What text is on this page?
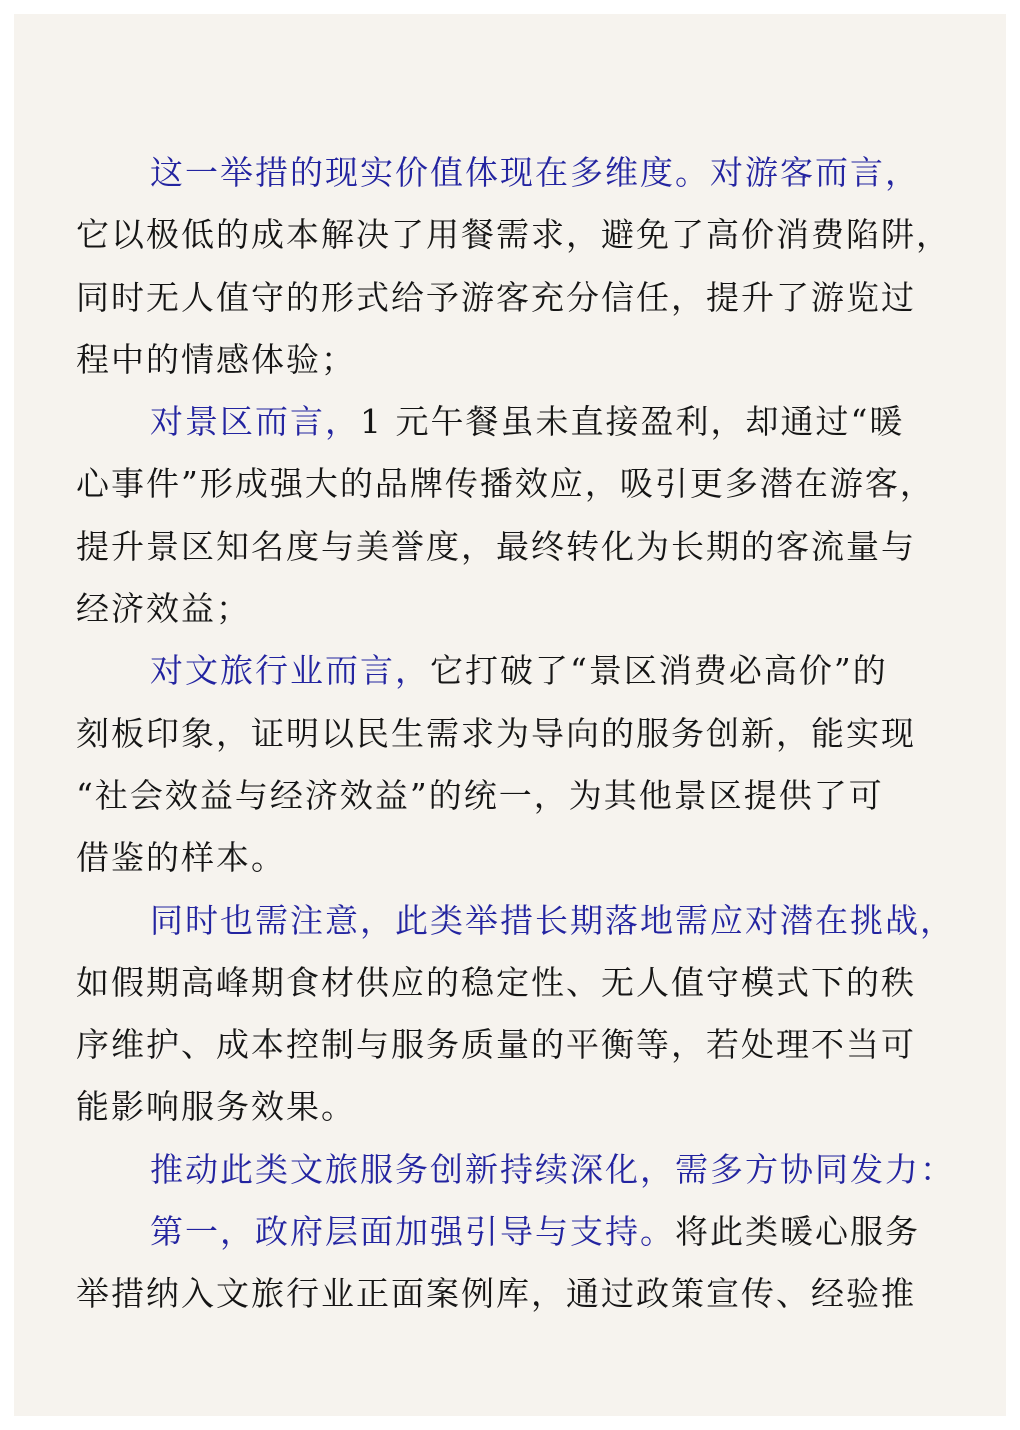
这一举措的现实价值体现在多维度。对游客而言，
它以极低的成本解决了用餐需求，避免了高价消费陷阱，
同时无人值守的形式给予游客充分信任，提升了游览过
程中的情感体验；
对景区而言，1 元午餐虽未直接盈利，却通过“暖
心事件”形成强大的品牌传播效应，吸引更多潜在游客，
提升景区知名度与美誉度，最终转化为长期的客流量与
经济效益；
对文旅行业而言，它打破了“景区消费必高价”的
刻板印象，证明以民生需求为导向的服务创新，能实现
“社会效益与经济效益”的统一，为其他景区提供了可
借鉴的样本。
同时也需注意，此类举措长期落地需应对潜在挑战，
如假期高峰期食材供应的稳定性、无人值守模式下的秩
序维护、成本控制与服务质量的平衡等，若处理不当可
能影响服务效果。
推动此类文旅服务创新持续深化，需多方协同发力：
第一，政府层面加强引导与支持。将此类暖心服务
举措纳入文旅行业正面案例库，通过政策宣传、经验推
